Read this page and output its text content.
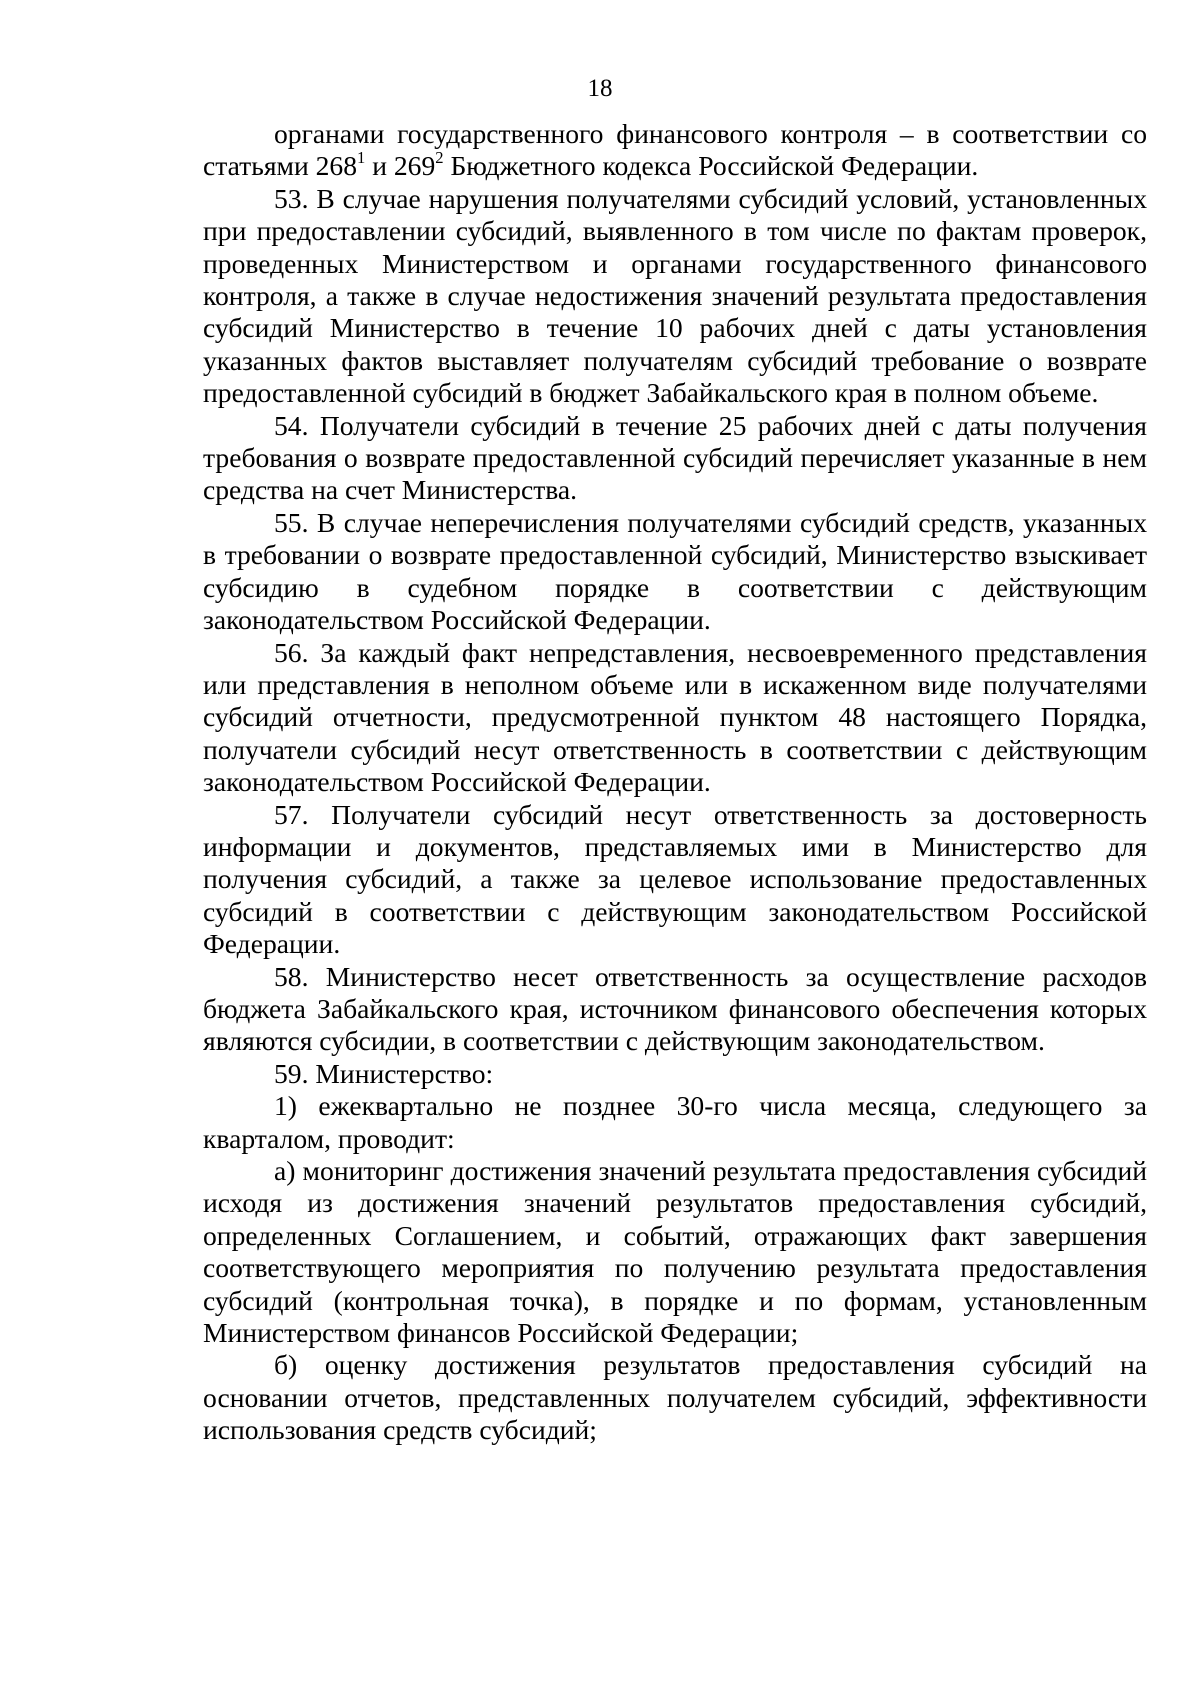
18

органами государственного финансового контроля – в соответствии со статьями $268^1$ и $269^2$ Бюджетного кодекса Российской Федерации.

53. В случае нарушения получателями субсидий условий, установленных при предоставлении субсидий, выявленного в том числе по фактам проверок, проведенных Министерством и органами государственного финансового контроля, а также в случае недостижения значений результата предоставления субсидий Министерство в течение 10 рабочих дней с даты установления указанных фактов выставляет получателям субсидий требование о возврате предоставленной субсидий в бюджет Забайкальского края в полном объеме.

54. Получатели субсидий в течение 25 рабочих дней с даты получения требования о возврате предоставленной субсидий перечисляет указанные в нем средства на счет Министерства.

55. В случае неперечисления получателями субсидий средств, указанных в требовании о возврате предоставленной субсидий, Министерство взыскивает субсидию в судебном порядке в соответствии с действующим законодательством Российской Федерации.

56. За каждый факт непредставления, несвоевременного представления или представления в неполном объеме или в искаженном виде получателями субсидий отчетности, предусмотренной пунктом 48 настоящего Порядка, получатели субсидий несут ответственность в соответствии с действующим законодательством Российской Федерации.

57. Получатели субсидий несут ответственность за достоверность информации и документов, представляемых ими в Министерство для получения субсидий, а также за целевое использование предоставленных субсидий в соответствии с действующим законодательством Российской Федерации.

58. Министерство несет ответственность за осуществление расходов бюджета Забайкальского края, источником финансового обеспечения которых являются субсидии, в соответствии с действующим законодательством.

59. Министерство:

1) ежеквартально не позднее 30-го числа месяца, следующего за кварталом, проводит:

а) мониторинг достижения значений результата предоставления субсидий исходя из достижения значений результатов предоставления субсидий, определенных Соглашением, и событий, отражающих факт завершения соответствующего мероприятия по получению результата предоставления субсидий (контрольная точка), в порядке и по формам, установленным Министерством финансов Российской Федерации;

б) оценку достижения результатов предоставления субсидий на основании отчетов, представленных получателем субсидий, эффективности использования средств субсидий;
